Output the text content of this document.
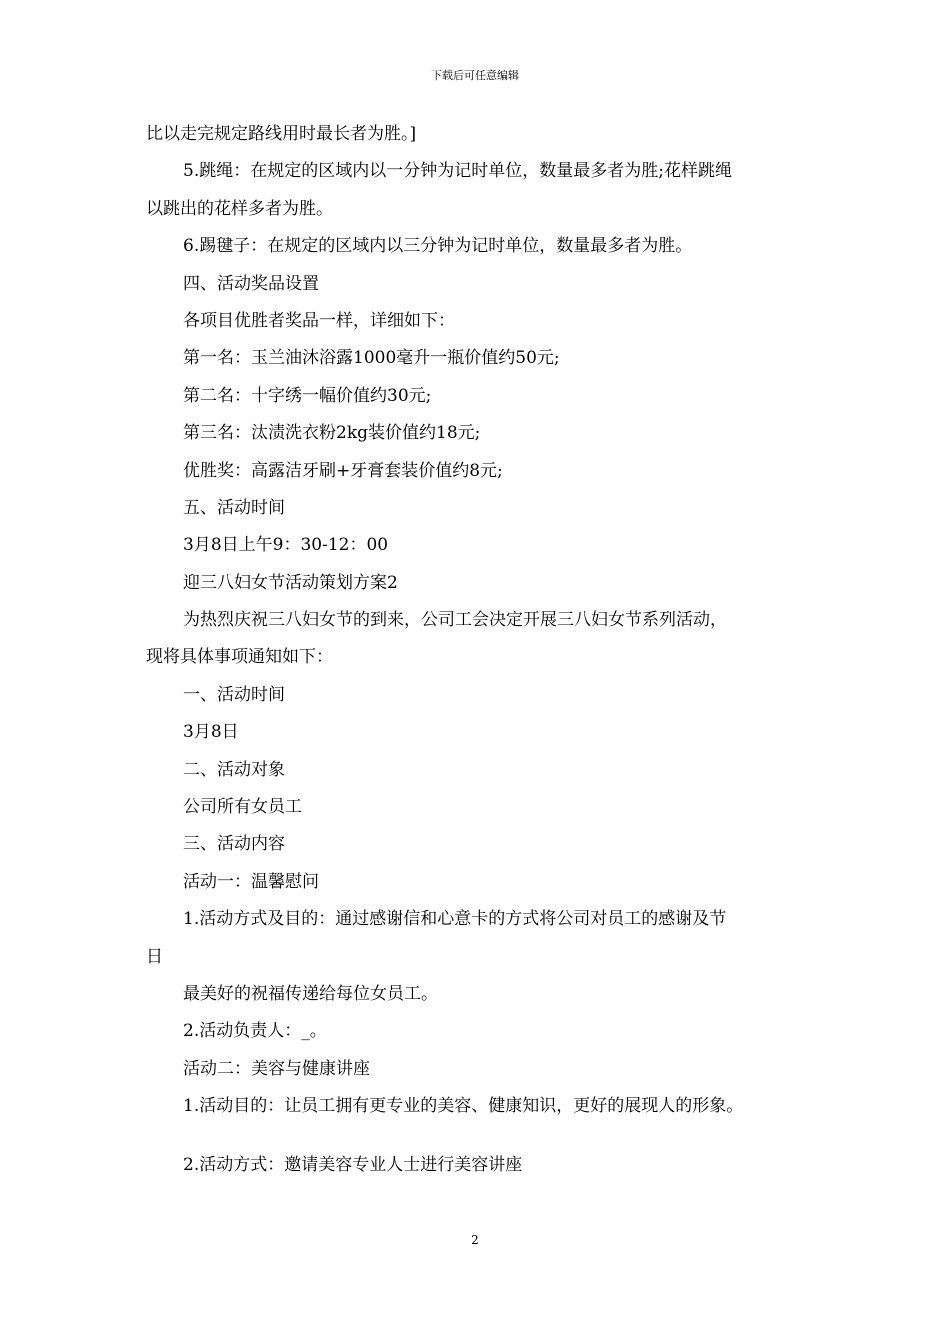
下载后可任意编辑
比以走完规定路线用时最长者为胜。]
5.跳绳：在规定的区域内以一分钟为记时单位，数量最多者为胜;花样跳绳
以跳出的花样多者为胜。
6.踢毽子：在规定的区域内以三分钟为记时单位，数量最多者为胜。
四、活动奖品设置
各项目优胜者奖品一样，详细如下：
第一名：玉兰油沐浴露1000毫升一瓶价值约50元;
第二名：十字绣一幅价值约30元;
第三名：汰渍洗衣粉2kg装价值约18元;
优胜奖：高露洁牙刷+牙膏套装价值约8元;
五、活动时间
3月8日上午9：30-12：00
迎三八妇女节活动策划方案2
为热烈庆祝三八妇女节的到来，公司工会决定开展三八妇女节系列活动，
现将具体事项通知如下：
一、活动时间
3月8日
二、活动对象
公司所有女员工
三、活动内容
活动一：温馨慰问
1.活动方式及目的：通过感谢信和心意卡的方式将公司对员工的感谢及节
日
最美好的祝福传递给每位女员工。
2.活动负责人：_。
活动二：美容与健康讲座
1.活动目的：让员工拥有更专业的美容、健康知识，更好的展现人的形象。
2.活动方式：邀请美容专业人士进行美容讲座
2
